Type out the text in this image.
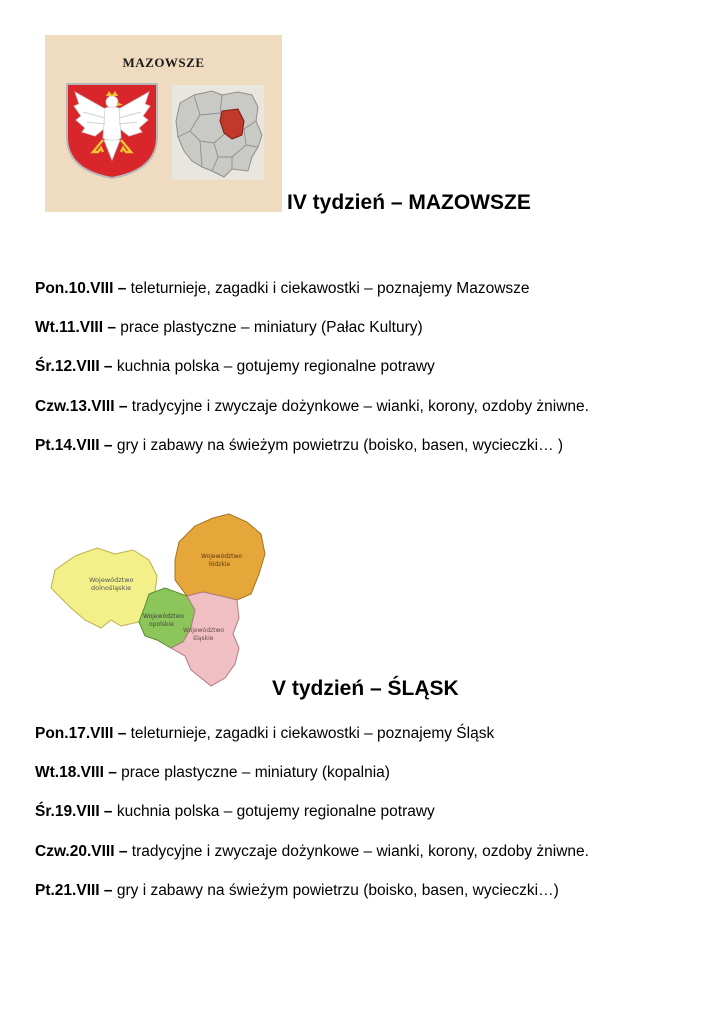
MAZOWSZE
IV tydzień – MAZOWSZE
Pon.10.VIII – teleturnieje, zagadki i ciekawostki – poznajemy Mazowsze
Wt.11.VIII – prace plastyczne – miniatury (Pałac Kultury)
Śr.12.VIII – kuchnia polska – gotujemy regionalne potrawy
Czw.13.VIII – tradycyjne i zwyczaje dożynkowe – wianki, korony, ozdoby żniwne.
Pt.14.VIII – gry i zabawy na świeżym powietrzu (boisko, basen, wycieczki… )
Województwo
dolnośląskie
Województwo
opolskie
Województwo
łódzkie
Województwo
śląskie
V tydzień – ŚLĄSK
Pon.17.VIII – teleturnieje, zagadki i ciekawostki – poznajemy Śląsk
Wt.18.VIII – prace plastyczne – miniatury (kopalnia)
Śr.19.VIII – kuchnia polska – gotujemy regionalne potrawy
Czw.20.VIII – tradycyjne i zwyczaje dożynkowe – wianki, korony, ozdoby żniwne.
Pt.21.VIII – gry i zabawy na świeżym powietrzu (boisko, basen, wycieczki…)
